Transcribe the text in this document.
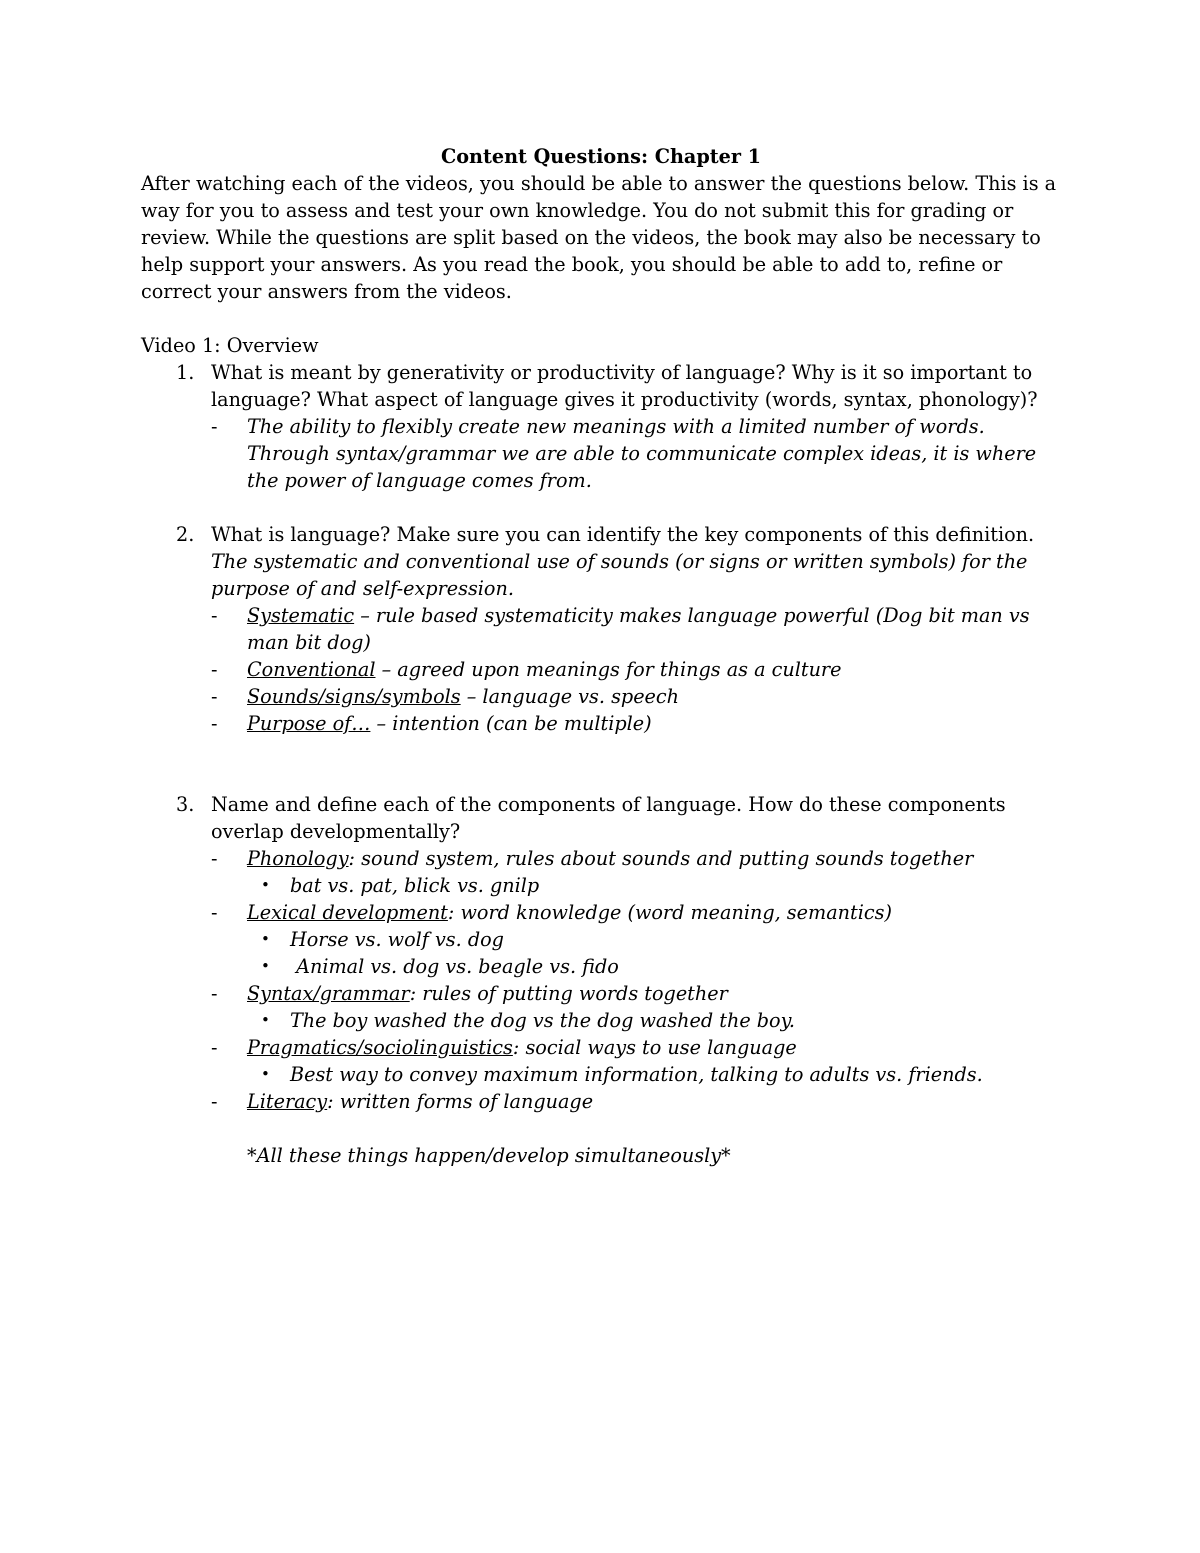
Content Questions: Chapter 1

After watching each of the videos, you should be able to answer the questions below. This is a way for you to assess and test your own knowledge. You do not submit this for grading or review. While the questions are split based on the videos, the book may also be necessary to help support your answers. As you read the book, you should be able to add to, refine or correct your answers from the videos.

Video 1: Overview

1. What is meant by generativity or productivity of language? Why is it so important to language? What aspect of language gives it productivity (words, syntax, phonology)?
- The ability to flexibly create new meanings with a limited number of words. Through syntax/grammar we are able to communicate complex ideas, it is where the power of language comes from.
2. What is language? Make sure you can identify the key components of this definition.
The systematic and conventional use of sounds (or signs or written symbols) for the purpose of and self-expression.
- Systematic – rule based systematicity makes language powerful (Dog bit man vs man bit dog)
- Conventional – agreed upon meanings for things as a culture
- Sounds/signs/symbols – language vs. speech
- Purpose of… – intention (can be multiple)
3. Name and define each of the components of language. How do these components overlap developmentally?
- Phonology: sound system, rules about sounds and putting sounds together
• bat vs. pat, blick vs. gnilp
- Lexical development: word knowledge (word meaning, semantics)
• Horse vs. wolf vs. dog
• Animal vs. dog vs. beagle vs. fido
- Syntax/grammar: rules of putting words together
• The boy washed the dog vs the dog washed the boy.
- Pragmatics/sociolinguistics: social ways to use language
• Best way to convey maximum information, talking to adults vs. friends.
- Literacy: written forms of language
*All these things happen/develop simultaneously*
